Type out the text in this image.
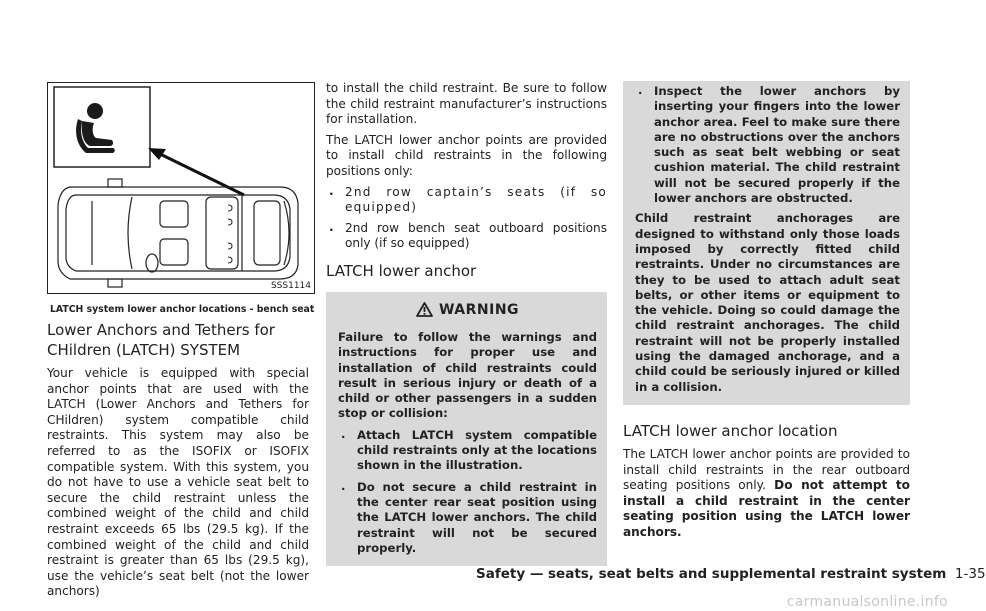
SSS1114
LATCH system lower anchor locations - bench seat
Lower Anchors and Tethers for CHildren (LATCH) SYSTEM

Your vehicle is equipped with special anchor points that are used with the LATCH (Lower Anchors and Tethers for CHildren) system compatible child restraints. This system may also be referred to as the ISOFIX or ISOFIX compatible system. With this system, you do not have to use a vehicle seat belt to secure the child restraint unless the combined weight of the child and child restraint exceeds 65 lbs (29.5 kg). If the combined weight of the child and child restraint is greater than 65 lbs (29.5 kg), use the vehicle’s seat belt (not the lower anchors)

to install the child restraint. Be sure to follow the child restraint manufacturer’s instructions for installation.

The LATCH lower anchor points are provided to install child restraints in the following positions only:

. 2nd row captain’s seats (if so equipped)
. 2nd row bench seat outboard positions only (if so equipped)
LATCH lower anchor
WARNING

Failure to follow the warnings and instructions for proper use and installation of child restraints could result in serious injury or death of a child or other passengers in a sudden stop or collision:

. Attach LATCH system compatible child restraints only at the locations shown in the illustration.
. Do not secure a child restraint in the center rear seat position using the LATCH lower anchors. The child restraint will not be secured properly.
. Inspect the lower anchors by inserting your fingers into the lower anchor area. Feel to make sure there are no obstructions over the anchors such as seat belt webbing or seat cushion material. The child restraint will not be secured properly if the lower anchors are obstructed.

Child restraint anchorages are designed to withstand only those loads imposed by correctly fitted child restraints. Under no circumstances are they to be used to attach adult seat belts, or other items or equipment to the vehicle. Doing so could damage the child restraint anchorages. The child restraint will not be properly installed using the damaged anchorage, and a child could be seriously injured or killed in a collision.

LATCH lower anchor location

The LATCH lower anchor points are provided to install child restraints in the rear outboard seating positions only. Do not attempt to install a child restraint in the center seating position using the LATCH lower anchors.

Safety — seats, seat belts and supplemental restraint system 1-35
carmanualsonline.info
